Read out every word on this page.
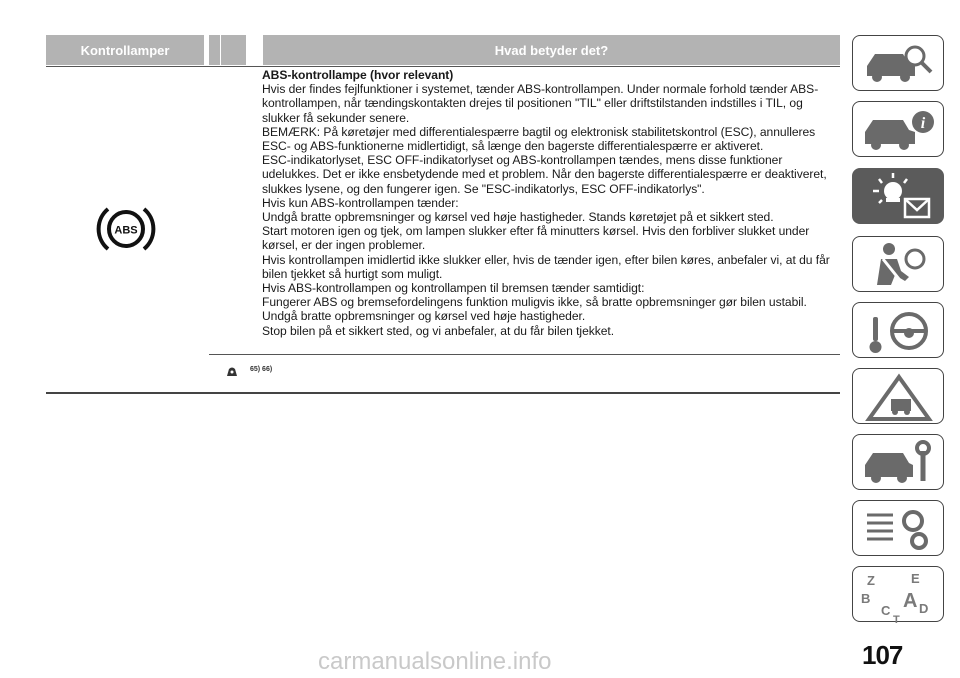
Kontrollamper	Hvad betyder det?
ABS

ABS-kontrollampe (hvor relevant)

Hvis der findes fejlfunktioner i systemet, tænder ABS-kontrollampen. Under normale forhold tænder ABS-kontrollampen, når tændingskontakten drejes til positionen "TIL" eller driftstilstanden indstilles i TIL, og slukker få sekunder senere.

BEMÆRK: På køretøjer med differentialespærre bagtil og elektronisk stabilitetskontrol (ESC), annulleres ESC- og ABS-funktionerne midlertidigt, så længe den bagerste differentialespærre er aktiveret.

ESC-indikatorlyset, ESC OFF-indikatorlyset og ABS-kontrollampen tændes, mens disse funktioner udelukkes. Det er ikke ensbetydende med et problem. Når den bagerste differentialespærre er deaktiveret, slukkes lysene, og den fungerer igen. Se "ESC-indikatorlys, ESC OFF-indikatorlys".

Hvis kun ABS-kontrollampen tænder:

Undgå bratte opbremsninger og kørsel ved høje hastigheder. Stands køretøjet på et sikkert sted.

Start motoren igen og tjek, om lampen slukker efter få minutters kørsel. Hvis den forbliver slukket under kørsel, er der ingen problemer.

Hvis kontrollampen imidlertid ikke slukker eller, hvis de tænder igen, efter bilen køres, anbefaler vi, at du får bilen tjekket så hurtigt som muligt.

Hvis ABS-kontrollampen og kontrollampen til bremsen tænder samtidigt:

Fungerer ABS og bremsefordelingens funktion muligvis ikke, så bratte opbremsninger gør bilen ustabil. Undgå bratte opbremsninger og kørsel ved høje hastigheder.

Stop bilen på et sikkert sted, og vi anbefaler, at du får bilen tjekket.

65) 66)
i
Z	E
B A
C D
T
107
carmanualsonline.info
